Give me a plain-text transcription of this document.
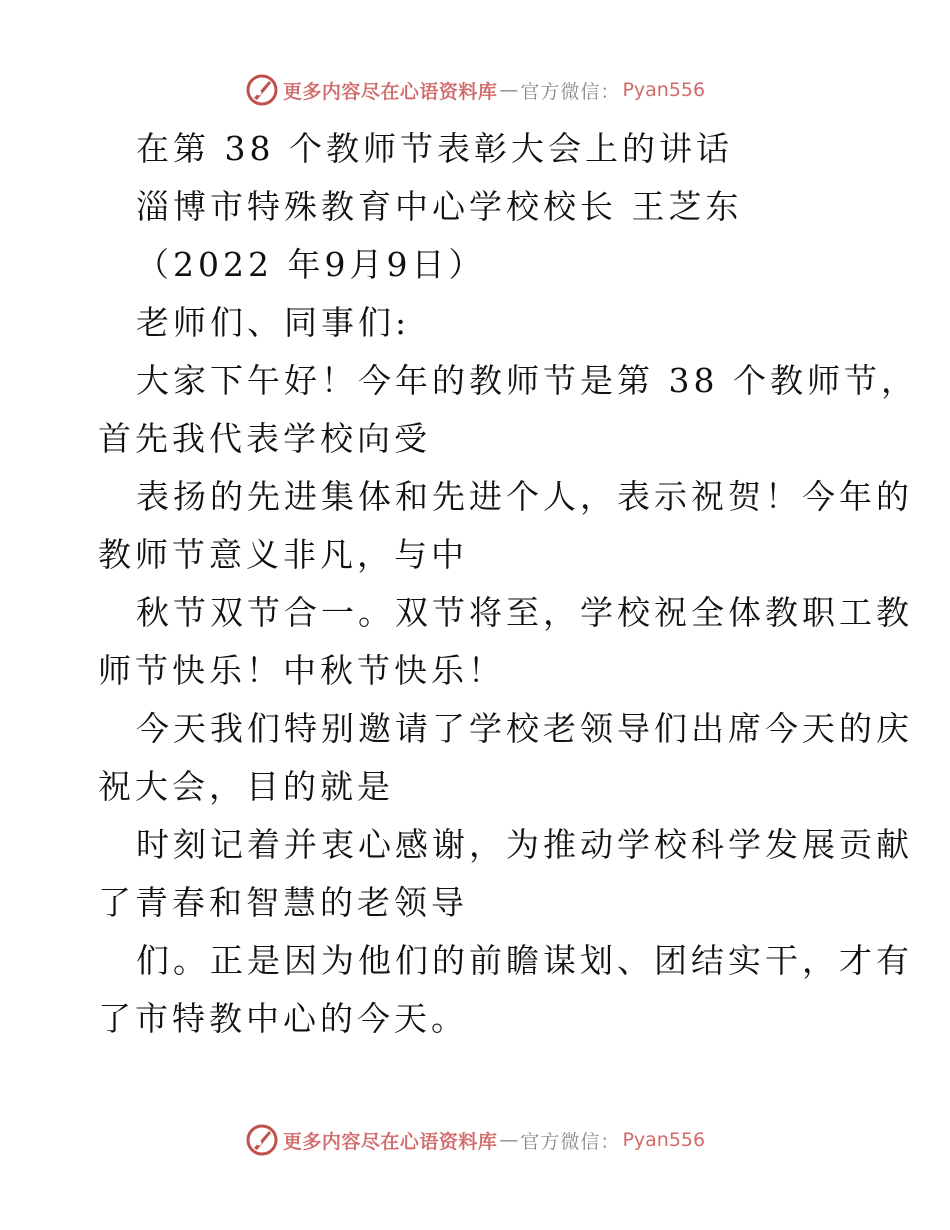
更多内容尽在心语资料库 — 官方微信： Pyan556
在第 38 个教师节表彰大会上的讲话
淄博市特殊教育中心学校校长 王芝东
（2022 年9月9日）
老师们、同事们:
大家下午好！今年的教师节是第 38 个教师节，
首先我代表学校向受
表扬的先进集体和先进个人，表示祝贺！今年的
教师节意义非凡，与中
秋节双节合一。双节将至，学校祝全体教职工教
师节快乐！中秋节快乐！
今天我们特别邀请了学校老领导们出席今天的庆
祝大会，目的就是
时刻记着并衷心感谢，为推动学校科学发展贡献
了青春和智慧的老领导
们。正是因为他们的前瞻谋划、团结实干，才有
了市特教中心的今天。
更多内容尽在心语资料库 — 官方微信： Pyan556
